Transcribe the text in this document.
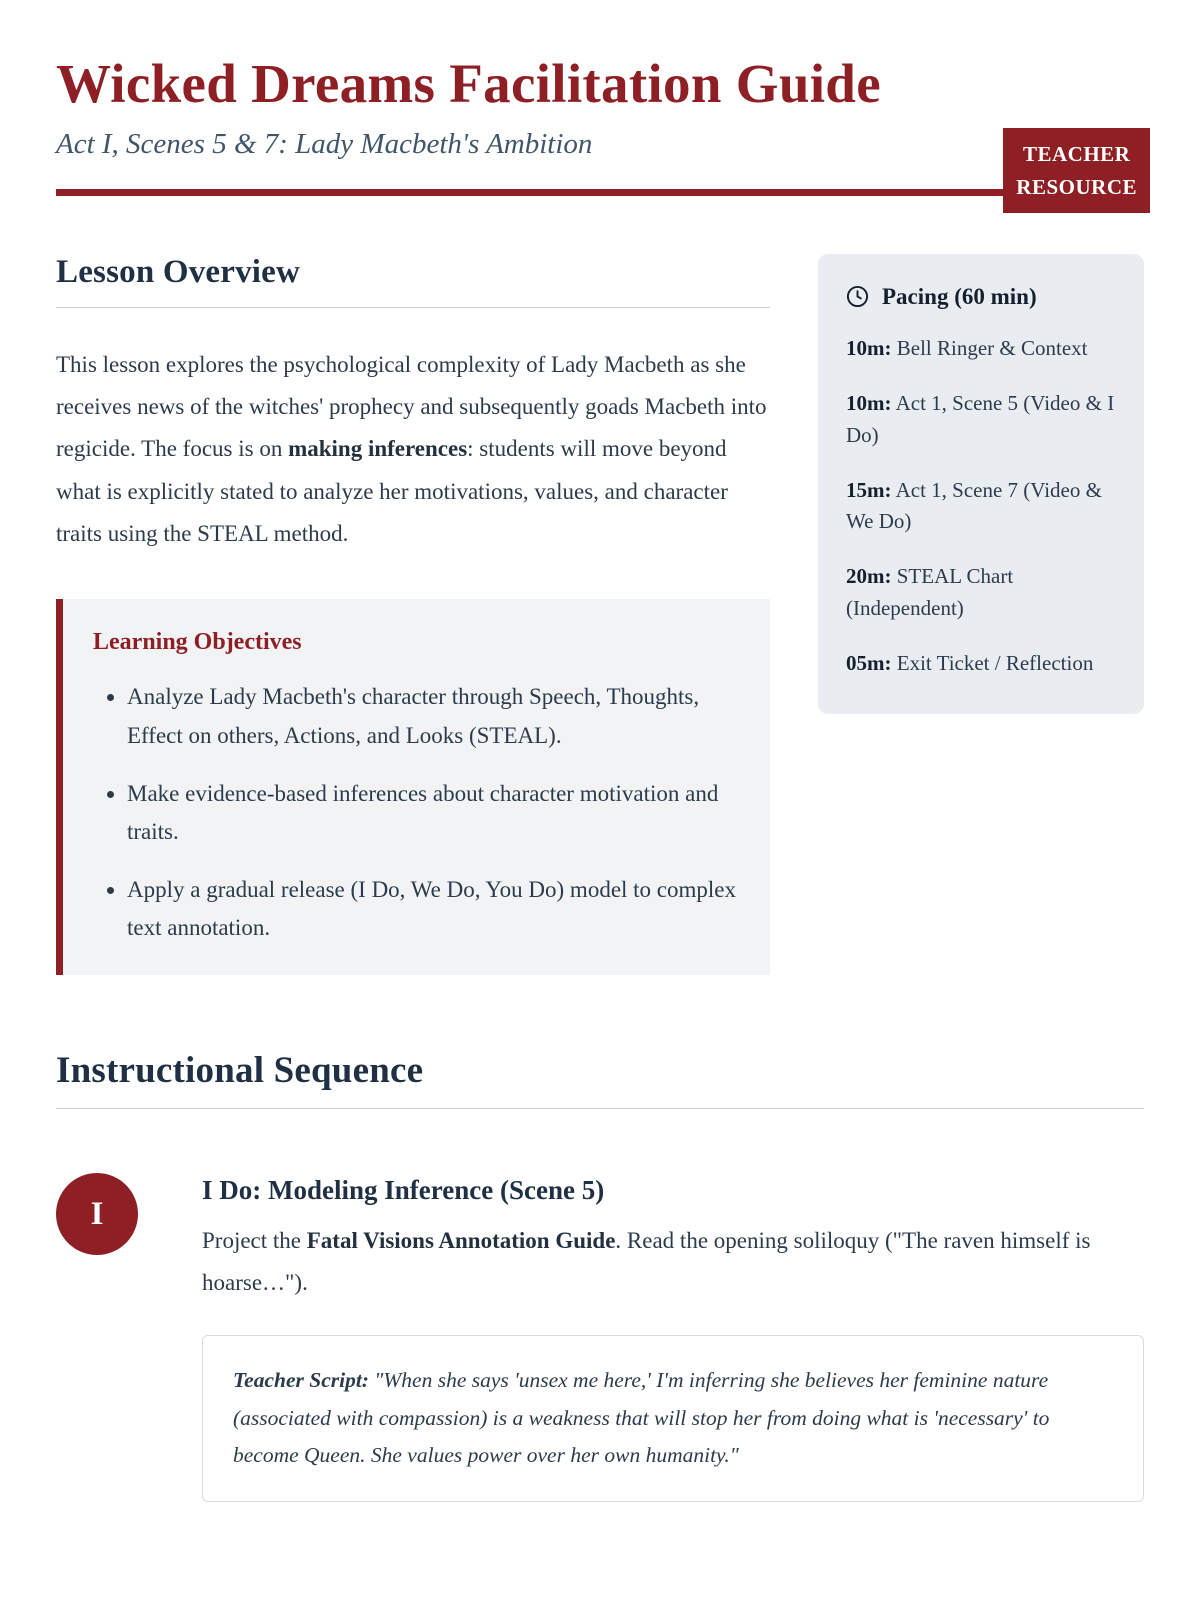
Wicked Dreams Facilitation Guide
TEACHER
RESOURCE
Act I, Scenes 5 & 7: Lady Macbeth's Ambition
Lesson Overview

This lesson explores the psychological complexity of Lady Macbeth as she receives news of the witches' prophecy and subsequently goads Macbeth into regicide. The focus is on making inferences: students will move beyond what is explicitly stated to analyze her motivations, values, and character traits using the STEAL method.

Learning Objectives
• Analyze Lady Macbeth's character through Speech, Thoughts, Effect on others, Actions, and Looks (STEAL).
• Make evidence-based inferences about character motivation and traits.
• Apply a gradual release (I Do, We Do, You Do) model to complex text annotation.
Pacing (60 min)
10m: Bell Ringer & Context
10m: Act 1, Scene 5 (Video & I Do)
15m: Act 1, Scene 7 (Video & We Do)
20m: STEAL Chart (Independent)
05m: Exit Ticket / Reflection
Instructional Sequence
I
I Do: Modeling Inference (Scene 5)

Project the Fatal Visions Annotation Guide. Read the opening soliloquy ("The raven himself is hoarse…").

Teacher Script: "When she says 'unsex me here,' I'm inferring she believes her feminine nature (associated with compassion) is a weakness that will stop her from doing what is 'necessary' to become Queen. She values power over her own humanity."
